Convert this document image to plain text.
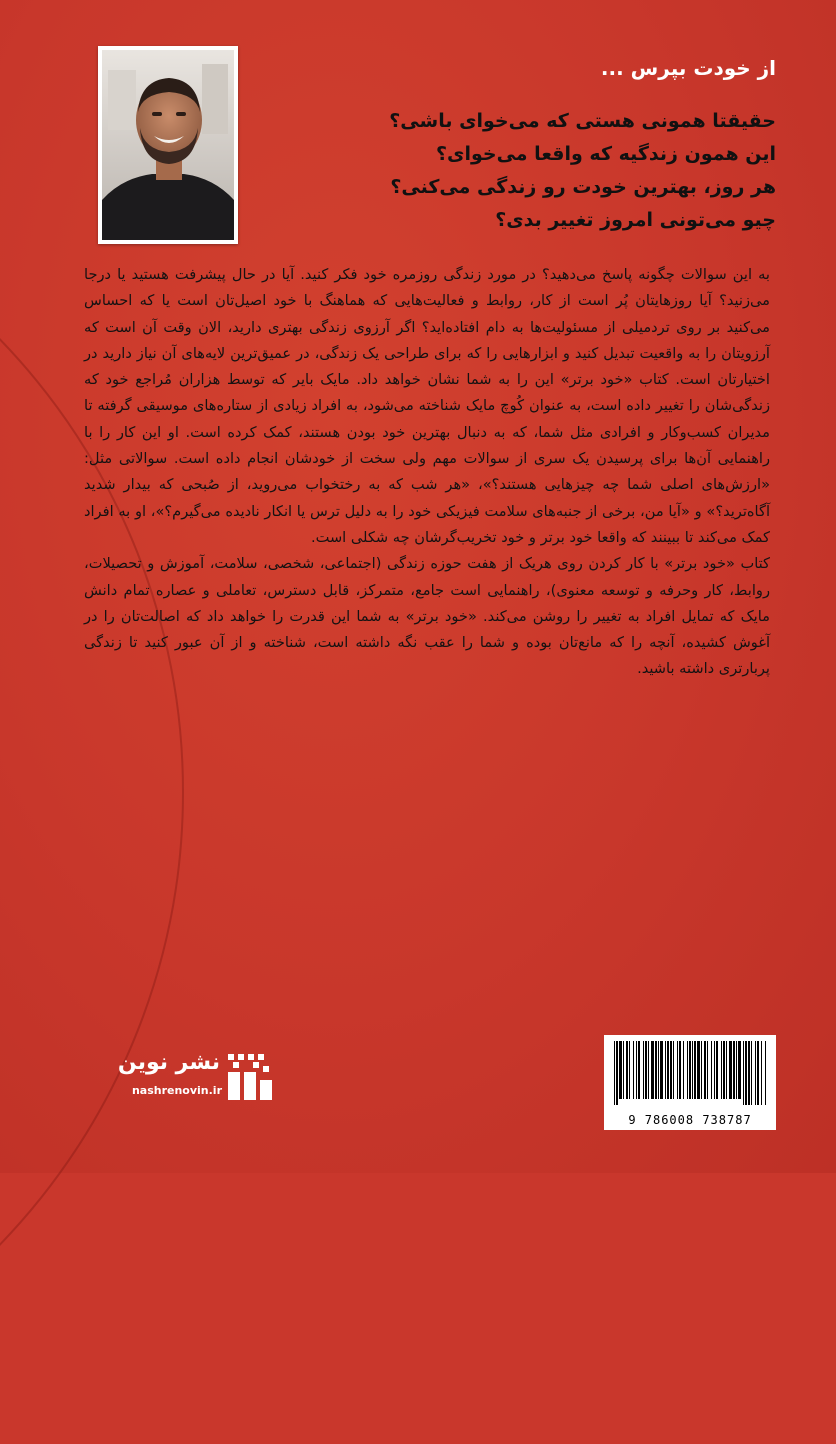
از خودت بپرس ...
حقیقتا همونی هستی که می‌خوای باشی؟
این همون زندگیه که واقعا می‌خوای؟
هر روز، بهترین خودت رو زندگی می‌کنی؟
چیو می‌تونی امروز تغییر بدی؟

به این سوالات چگونه پاسخ می‌دهید؟ در مورد زندگی روزمره خود فکر کنید. آیا در حال پیشرفت هستید یا درجا می‌زنید؟ آیا روزهایتان پُر است از کار، روابط و فعالیت‌هایی که هماهنگ با خود اصیل‌تان است یا که احساس می‌کنید بر روی تردمیلی از مسئولیت‌ها به دام افتاده‌اید؟ اگر آرزوی زندگی بهتری دارید، الان وقت آن است که آرزویتان را به واقعیت تبدیل کنید و ابزارهایی را که برای طراحی یک زندگی، در عمیق‌ترین لایه‌های آن نیاز دارید در اختیارتان است. کتاب «خود برتر» این را به شما نشان خواهد داد. مایک بایر که توسط هزاران مُراجع خود که زندگی‌شان را تغییر داده است، به عنوان کُوچ مایک شناخته می‌شود، به افراد زیادی از ستاره‌های موسیقی گرفته تا مدیران کسب‌وکار و افرادی مثل شما، که به دنبال بهترین خود بودن هستند، کمک کرده است. او این کار را با راهنمایی آن‌ها برای پرسیدن یک سری از سوالات مهم ولی سخت از خودشان انجام داده است. سوالاتی مثل: «ارزش‌های اصلی شما چه چیزهایی هستند؟»، «هر شب که به رختخواب می‌روید، از صُبحی که بیدار شدید آگاه‌ترید؟» و «آیا من، برخی از جنبه‌های سلامت فیزیکی خود را به دلیل ترس یا انکار نادیده می‌گیرم؟»، او به افراد کمک می‌کند تا ببینند که واقعا خود برتر و خود تخریب‌گرشان چه شکلی است.

کتاب «خود برتر» با کار کردن روی هریک از هفت حوزه زندگی (اجتماعی، شخصی، سلامت، آموزش و تحصیلات، روابط، کار وحرفه و توسعه معنوی)، راهنمایی است جامع، متمرکز، قابل دسترس، تعاملی و عصاره تمام دانش مایک که تمایل افراد به تغییر را روشن می‌کند. «خود برتر» به شما این قدرت را خواهد داد که اصالت‌تان را در آغوش کشیده، آنچه را که مانع‌تان بوده و شما را عقب نگه داشته است، شناخته و از آن عبور کنید تا زندگی پربارتری داشته باشید.

نشر نوین
nashrenovin.ir
9 786008 738787
